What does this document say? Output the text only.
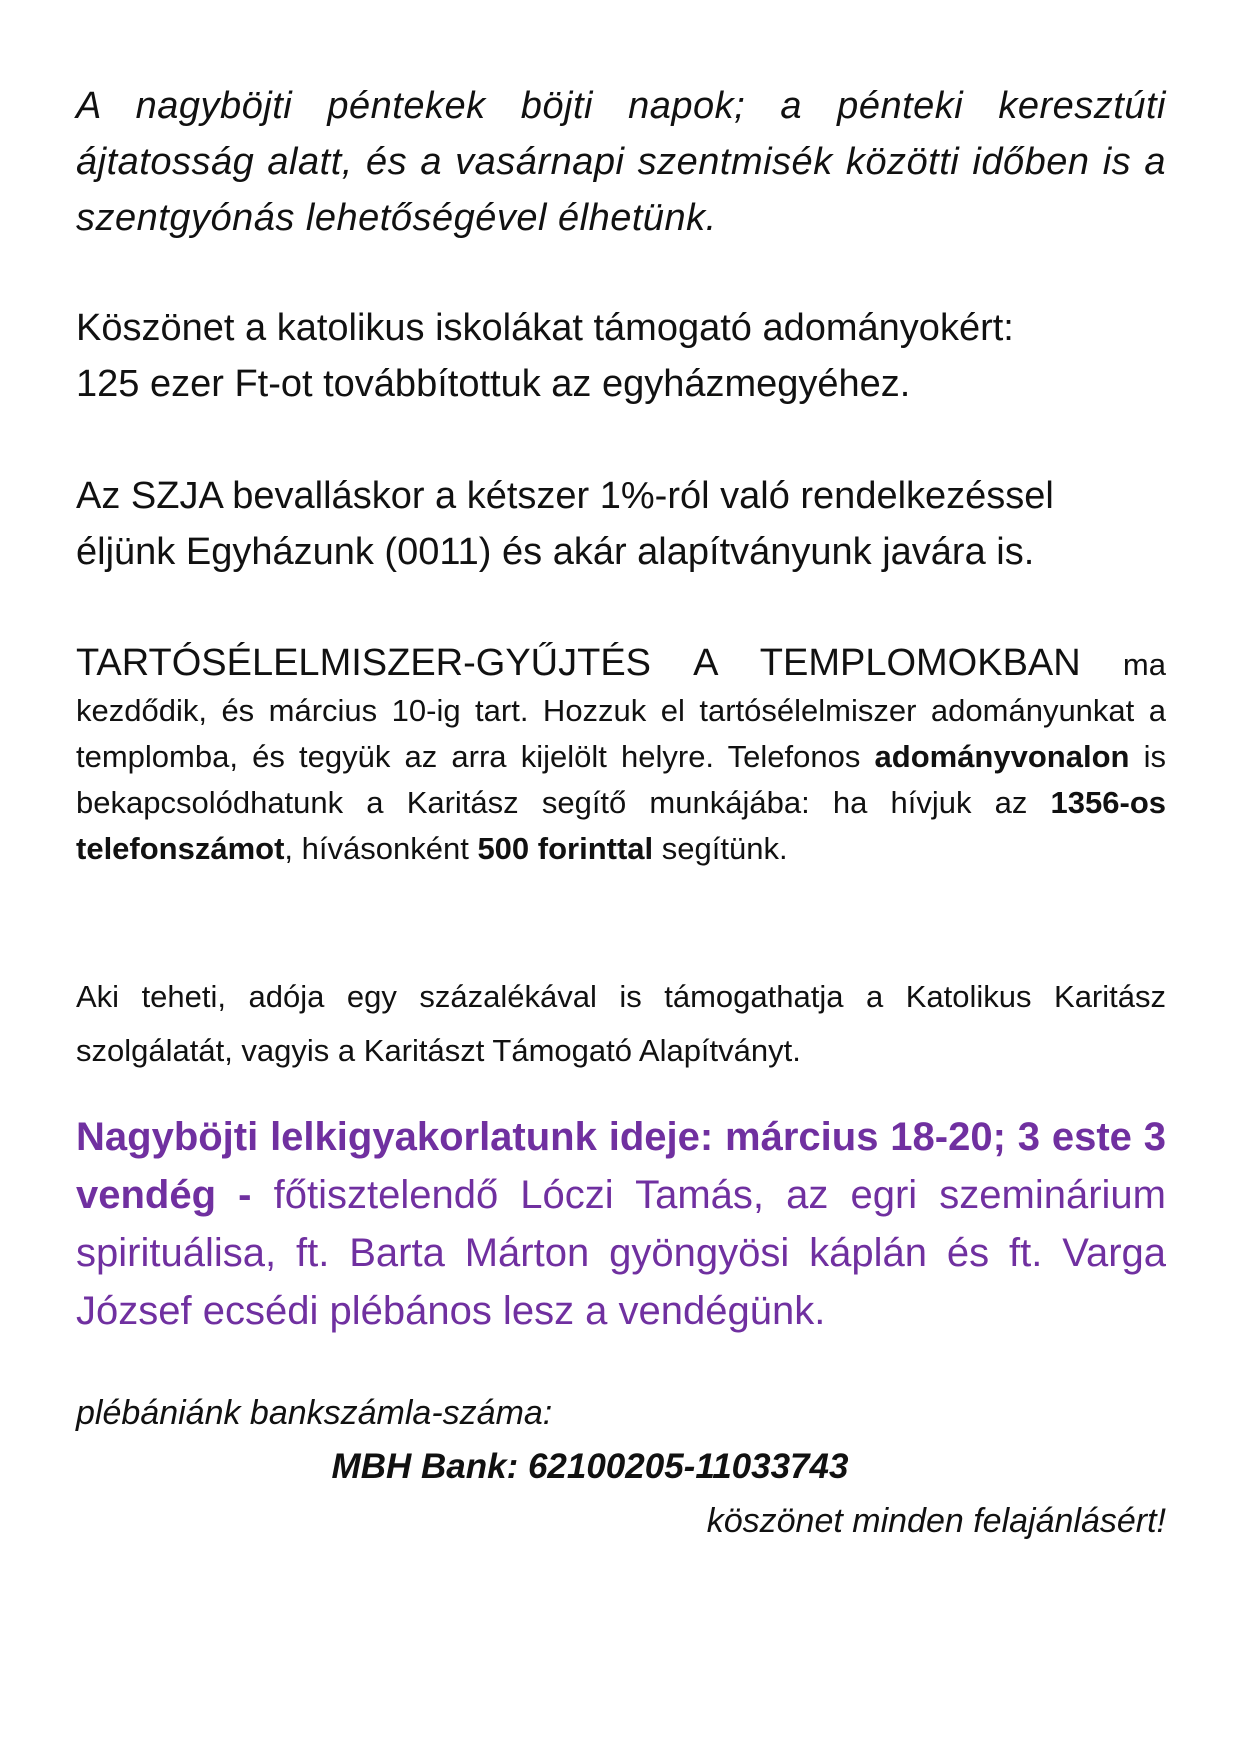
A nagyböjti péntekek böjti napok; a pénteki keresztúti ájtatosság alatt, és a vasárnapi szentmisék közötti időben is a szentgyónás lehetőségével élhetünk.

Köszönet a katolikus iskolákat támogató adományokért:
125 ezer Ft-ot továbbítottuk az egyházmegyéhez.
Az SZJA bevalláskor a kétszer 1%-ról való rendelkezéssel
éljünk Egyházunk (0011) és akár alapítványunk javára is.

TARTÓSÉLELMISZER-GYŰJTÉS A TEMPLOMOKBAN ma kezdődik, és március 10-ig tart. Hozzuk el tartósélelmiszer adományunkat a templomba, és tegyük az arra kijelölt helyre. Telefonos adományvonalon is bekapcsolódhatunk a Karitász segítő munkájába: ha hívjuk az 1356-os telefonszámot, hívásonként 500 forinttal segítünk.

Aki teheti, adója egy százalékával is támogathatja a Katolikus Karitász szolgálatát, vagyis a Karitászt Támogató Alapítványt.

Nagyböjti lelkigyakorlatunk ideje: március 18-20; 3 este 3 vendég - főtisztelendő Lóczi Tamás, az egri szeminárium spirituálisa, ft. Barta Márton gyöngyösi káplán és ft. Varga József ecsédi plébános lesz a vendégünk.

plébániánk bankszámla-száma:
MBH Bank: 62100205-11033743
köszönet minden felajánlásért!
